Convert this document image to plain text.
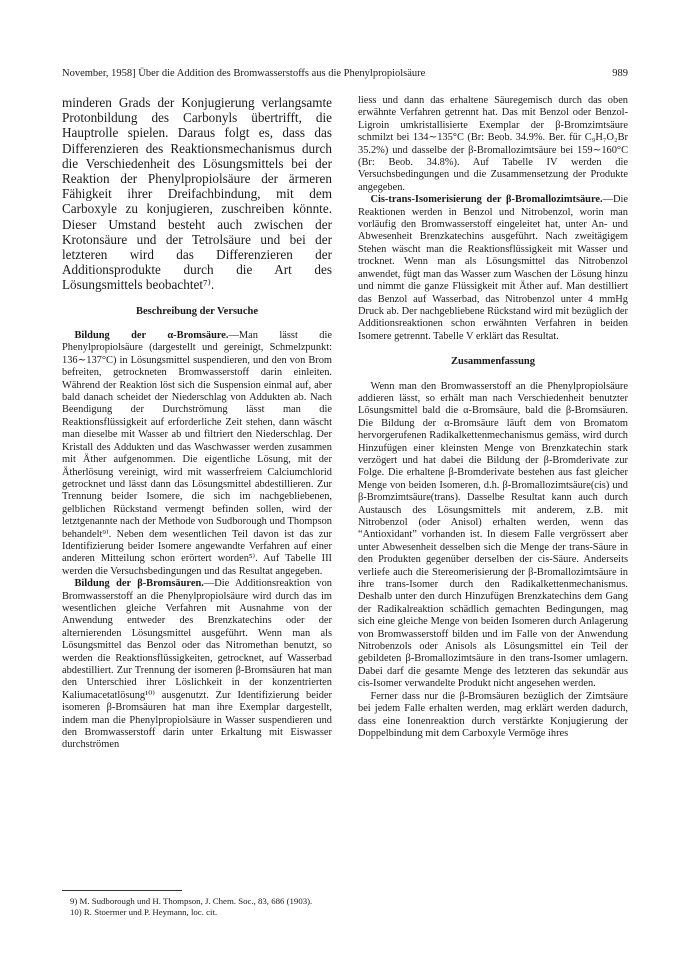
November, 1958] Über die Addition des Bromwasserstoffs aus die Phenylpropiolsäure	989

minderen Grads der Konjugierung verlangsamte Protonbildung des Carbonyls übertrifft, die Hauptrolle spielen. Daraus folgt es, dass das Differenzieren des Reaktionsmechanismus durch die Verschiedenheit des Lösungsmittels bei der Reaktion der Phenylpropiolsäure der ärmeren Fähigkeit ihrer Dreifachbindung, mit dem Carboxyle zu konjugieren, zuschreiben könnte. Dieser Umstand besteht auch zwischen der Krotonsäure und der Tetrolsäure und bei der letzteren wird das Differenzieren der Additionsprodukte durch die Art des Lösungsmittels beobachtet⁷⁾.

Beschreibung der Versuche

Bildung der α-Bromsäure.—Man lässt die Phenylpropiolsäure (dargestellt und gereinigt, Schmelzpunkt: 136∼137°C) in Lösungsmittel suspendieren, und den von Brom befreiten, getrockneten Bromwasserstoff darin einleiten. Während der Reaktion löst sich die Suspension einmal auf, aber bald danach scheidet der Niederschlag von Addukten ab. Nach Beendigung der Durchströmung lässt man die Reaktionsflüssigkeit auf erforderliche Zeit stehen, dann wäscht man dieselbe mit Wasser ab und filtriert den Niederschlag. Der Kristall des Addukten und das Waschwasser werden zusammen mit Äther aufgenommen. Die eigentliche Lösung, mit der Ätherlösung vereinigt, wird mit wasserfreiem Calciumchlorid getrocknet und lässt dann das Lösungsmittel abdestillieren. Zur Trennung beider Isomere, die sich im nachgebliebenen, gelblichen Rückstand vermengt befinden sollen, wird der letztgenannte nach der Methode von Sudborough und Thompson behandelt⁹⁾. Neben dem wesentlichen Teil davon ist das zur Identifizierung beider Isomere angewandte Verfahren auf einer anderen Mitteilung schon erörtert worden⁵⁾. Auf Tabelle III werden die Versuchsbedingungen und das Resultat angegeben.

Bildung der β-Bromsäuren.—Die Additionsreaktion von Bromwasserstoff an die Phenylpropiolsäure wird durch das im wesentlichen gleiche Verfahren mit Ausnahme von der Anwendung entweder des Brenzkatechins oder der alternierenden Lösungsmittel ausgeführt. Wenn man als Lösungsmittel das Benzol oder das Nitromethan benutzt, so werden die Reaktionsflüssigkeiten, getrocknet, auf Wasserbad abdestilliert. Zur Trennung der isomeren β-Bromsäuren hat man den Unterschied ihrer Löslichkeit in der konzentrierten Kaliumacetatlösung¹⁰⁾ ausgenutzt. Zur Identifizierung beider isomeren β-Bromsäuren hat man ihre Exemplar dargestellt, indem man die Phenylpropiolsäure in Wasser suspendieren und den Bromwasserstoff darin unter Erkaltung mit Eiswasser durchströmen

9) M. Sudborough und H. Thompson, J. Chem. Soc., 83, 686 (1903).
10) R. Stoermer und P. Heymann, loc. cit.

liess und dann das erhaltene Säuregemisch durch das oben erwähnte Verfahren getrennt hat. Das mit Benzol oder Benzol-Ligroin umkristallisierte Exemplar der β-Bromzimtsäure schmilzt bei 134∼135°C (Br: Beob. 34.9%. Ber. für C₉H₇O₂Br 35.2%) und dasselbe der β-Bromallozimtsäure bei 159∼160°C (Br: Beob. 34.8%). Auf Tabelle IV werden die Versuchsbedingungen und die Zusammensetzung der Produkte angegeben.

Cis-trans-Isomerisierung der β-Bromallozimtsäure.—Die Reaktionen werden in Benzol und Nitrobenzol, worin man vorläufig den Bromwasserstoff eingeleitet hat, unter An- und Abwesenheit Brenzkatechins ausgeführt. Nach zweitägigem Stehen wäscht man die Reaktionsflüssigkeit mit Wasser und trocknet. Wenn man als Lösungsmittel das Nitrobenzol anwendet, fügt man das Wasser zum Waschen der Lösung hinzu und nimmt die ganze Flüssigkeit mit Äther auf. Man destilliert das Benzol auf Wasserbad, das Nitrobenzol unter 4 mmHg Druck ab. Der nachgebliebene Rückstand wird mit bezüglich der Additionsreaktionen schon erwähnten Verfahren in beiden Isomere getrennt. Tabelle V erklärt das Resultat.

Zusammenfassung

Wenn man den Bromwasserstoff an die Phenylpropiolsäure addieren lässt, so erhält man nach Verschiedenheit benutzter Lösungsmittel bald die α-Bromsäure, bald die β-Bromsäuren. Die Bildung der α-Bromsäure läuft dem von Bromatom hervorgerufenen Radikalkettenmechanismus gemäss, wird durch Hinzufügen einer kleinsten Menge von Brenzkatechin stark verzögert und hat dabei die Bildung der β-Bromderivate zur Folge. Die erhaltene β-Bromderivate bestehen aus fast gleicher Menge von beiden Isomeren, d.h. β-Bromallozimtsäure(cis) und β-Bromzimtsäure(trans). Dasselbe Resultat kann auch durch Austausch des Lösungsmittels mit anderem, z.B. mit Nitrobenzol (oder Anisol) erhalten werden, wenn das “Antioxidant” vorhanden ist. In diesem Falle vergrössert aber unter Abwesenheit desselben sich die Menge der trans-Säure in den Produkten gegenüber derselben der cis-Säure. Anderseits verliefe auch die Stereomerisierung der β-Bromallozimtsäure in ihre trans-Isomer durch den Radikalkettenmechanismus. Deshalb unter den durch Hinzufügen Brenzkatechins dem Gang der Radikalreaktion schädlich gemachten Bedingungen, mag sich eine gleiche Menge von beiden Isomeren durch Anlagerung von Bromwasserstoff bilden und im Falle von der Anwendung Nitrobenzols oder Anisols als Lösungsmittel ein Teil der gebildeten β-Bromallozimtsäure in den trans-Isomer umlagern. Dabei darf die gesamte Menge des letzteren das sekundär aus cis-Isomer verwandelte Produkt nicht angesehen werden.

Ferner dass nur die β-Bromsäuren bezüglich der Zimtsäure bei jedem Falle erhalten werden, mag erklärt werden dadurch, dass eine Ionenreaktion durch verstärkte Konjugierung der Doppelbindung mit dem Carboxyle Vermöge ihres
